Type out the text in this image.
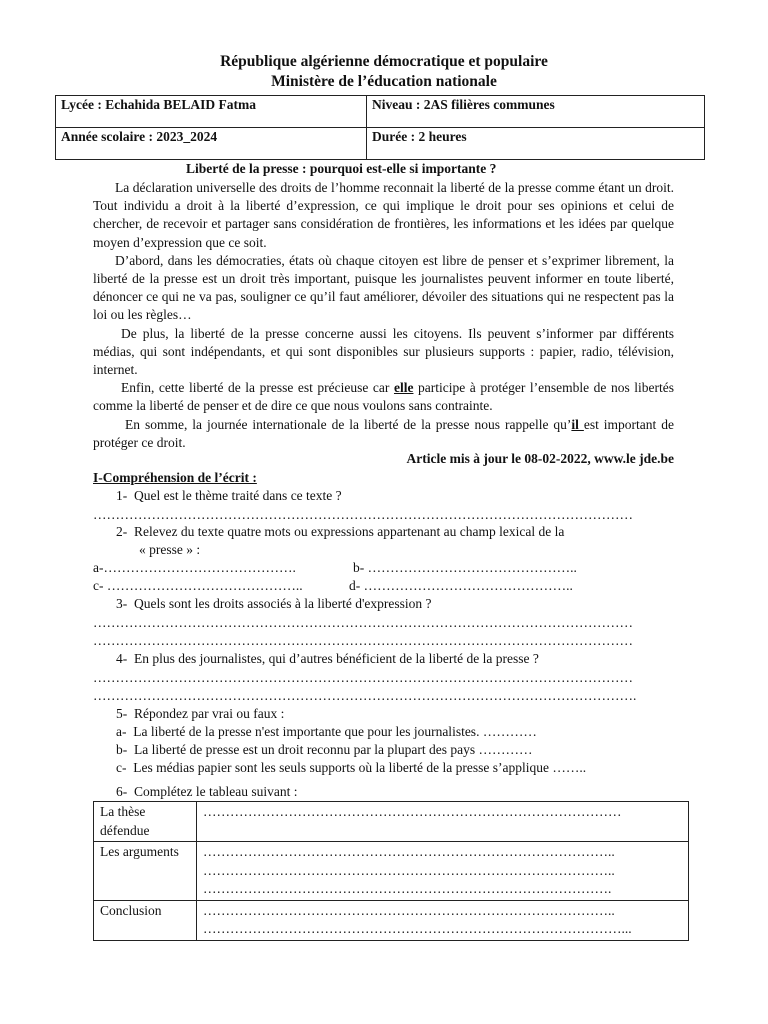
République algérienne démocratique et populaire
Ministère de l’éducation nationale
Lycée : Echahida BELAID Fatma	Niveau : 2AS filières communes
Année scolaire : 2023_2024	Durée : 2 heures
Liberté de la presse : pourquoi est-elle si importante ?

La déclaration universelle des droits de l’homme reconnait la liberté de la presse comme étant un droit. Tout individu a droit à la liberté d’expression, ce qui implique le droit pour ses opinions et celui de chercher, de recevoir et partager sans considération de frontières, les informations et les idées par quelque moyen d’expression que ce soit.

D’abord, dans les démocraties, états où chaque citoyen est libre de penser et s’exprimer librement, la liberté de la presse est un droit très important, puisque les journalistes peuvent informer en toute liberté, dénoncer ce qui ne va pas, souligner ce qu’il faut améliorer, dévoiler des situations qui ne respectent pas la loi ou les règles…

De plus, la liberté de la presse concerne aussi les citoyens. Ils peuvent s’informer par différents médias, qui sont indépendants, et qui sont disponibles sur plusieurs supports : papier, radio, télévision, internet.

Enfin, cette liberté de la presse est précieuse car elle participe à protéger l’ensemble de nos libertés comme la liberté de penser et de dire ce que nous voulons sans contrainte.

En somme, la journée internationale de la liberté de la presse nous rappelle qu’il est important de protéger ce droit.

Article mis à jour le 08-02-2022, www.le jde.be
I-Compréhension de l’écrit :
1-  Quel est le thème traité dans ce texte ?
…………………………………………………………………………………………………………
2-  Relevez du texte quatre mots ou expressions appartenant au champ lexical de la
« presse » :
a-…………………………………….	b- ………………………………………..
c- ……………………………………..	d- ………………………………………..
3-  Quels sont les droits associés à la liberté d'expression ?
…………………………………………………………………………………………………………
…………………………………………………………………………………………………………
4-  En plus des journalistes, qui d’autres bénéficient de la liberté de la presse ?
…………………………………………………………………………………………………………
………………………………………………………………………………………………………….
5-  Répondez par vrai ou faux :
a-  La liberté de la presse n'est importante que pour les journalistes. …………
b-  La liberté de presse est un droit reconnu par la plupart des pays …………
c-  Les médias papier sont les seuls supports où la liberté de la presse s’applique ……..
6-  Complétez le tableau suivant :
La thèse défendue	…………………………………………………………………………………

Les arguments	………………………………………………………………………………..
………………………………………………………………………………..
……………………………………………………………………………….

Conclusion	………………………………………………………………………………..
…………………………………………………………………………………...
